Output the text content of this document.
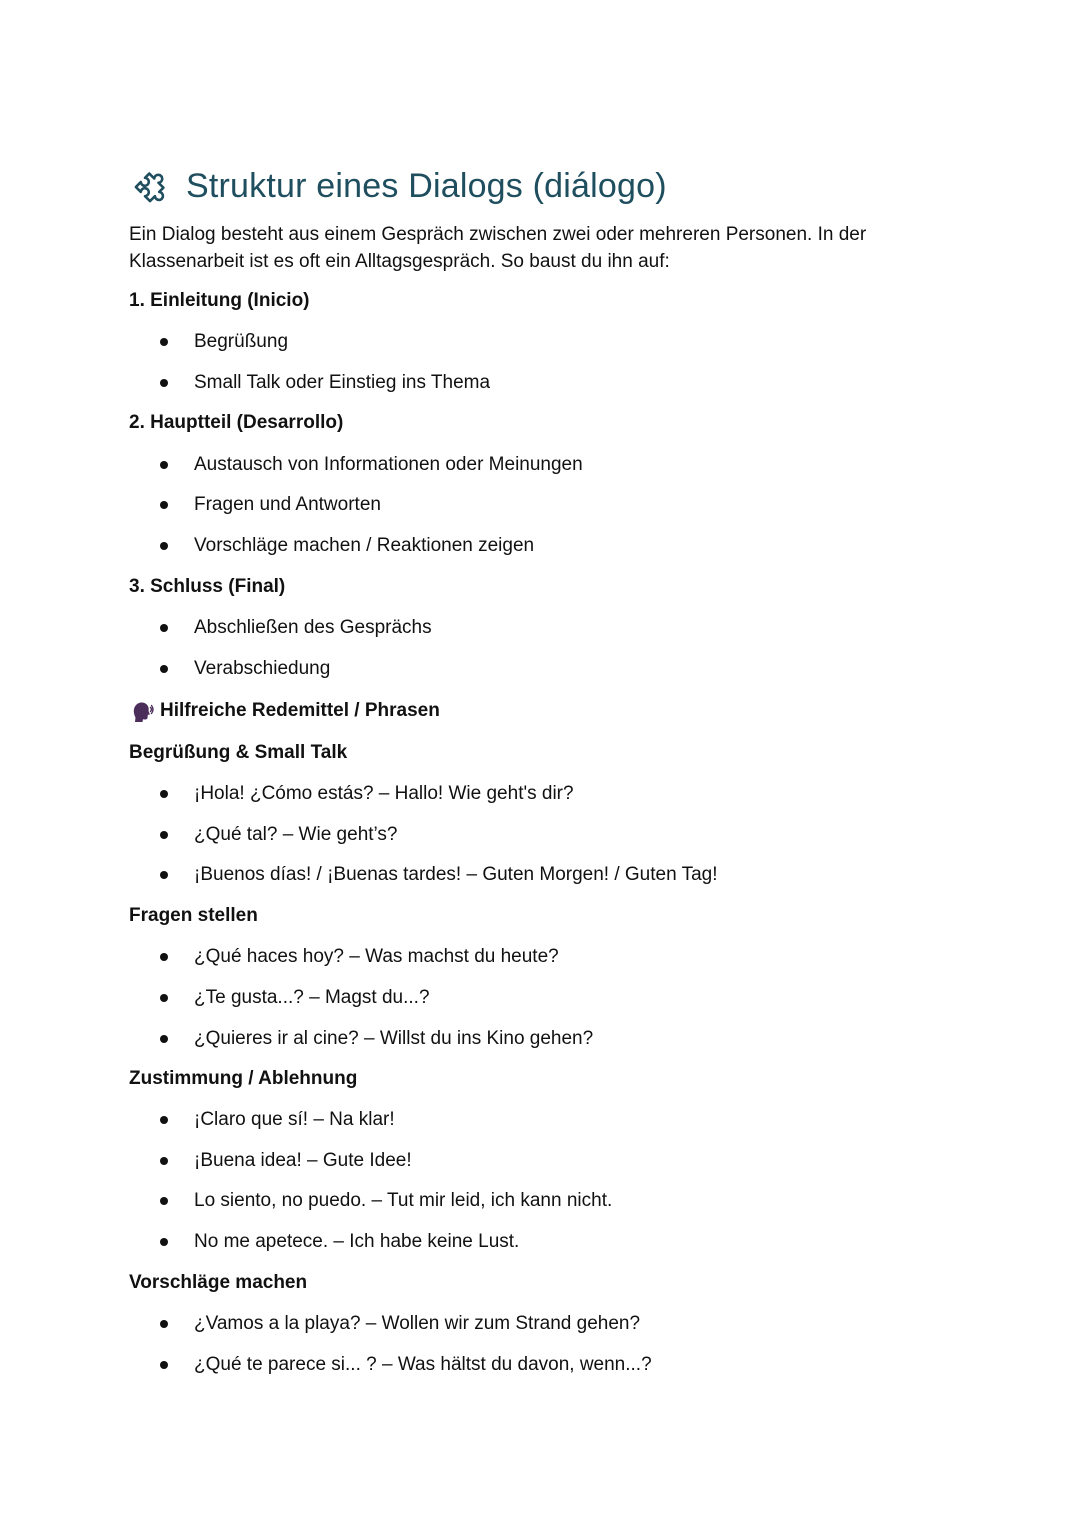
Struktur eines Dialogs (diálogo)
Ein Dialog besteht aus einem Gespräch zwischen zwei oder mehreren Personen. In der Klassenarbeit ist es oft ein Alltagsgespräch. So baust du ihn auf:
1. Einleitung (Inicio)
Begrüßung
Small Talk oder Einstieg ins Thema
2. Hauptteil (Desarrollo)
Austausch von Informationen oder Meinungen
Fragen und Antworten
Vorschläge machen / Reaktionen zeigen
3. Schluss (Final)
Abschließen des Gesprächs
Verabschiedung
Hilfreiche Redemittel / Phrasen
Begrüßung & Small Talk
¡Hola! ¿Cómo estás? – Hallo! Wie geht's dir?
¿Qué tal? – Wie geht’s?
¡Buenos días! / ¡Buenas tardes! – Guten Morgen! / Guten Tag!
Fragen stellen
¿Qué haces hoy? – Was machst du heute?
¿Te gusta...? – Magst du...?
¿Quieres ir al cine? – Willst du ins Kino gehen?
Zustimmung / Ablehnung
¡Claro que sí! – Na klar!
¡Buena idea! – Gute Idee!
Lo siento, no puedo. – Tut mir leid, ich kann nicht.
No me apetece. – Ich habe keine Lust.
Vorschläge machen
¿Vamos a la playa? – Wollen wir zum Strand gehen?
¿Qué te parece si... ? – Was hältst du davon, wenn...?
